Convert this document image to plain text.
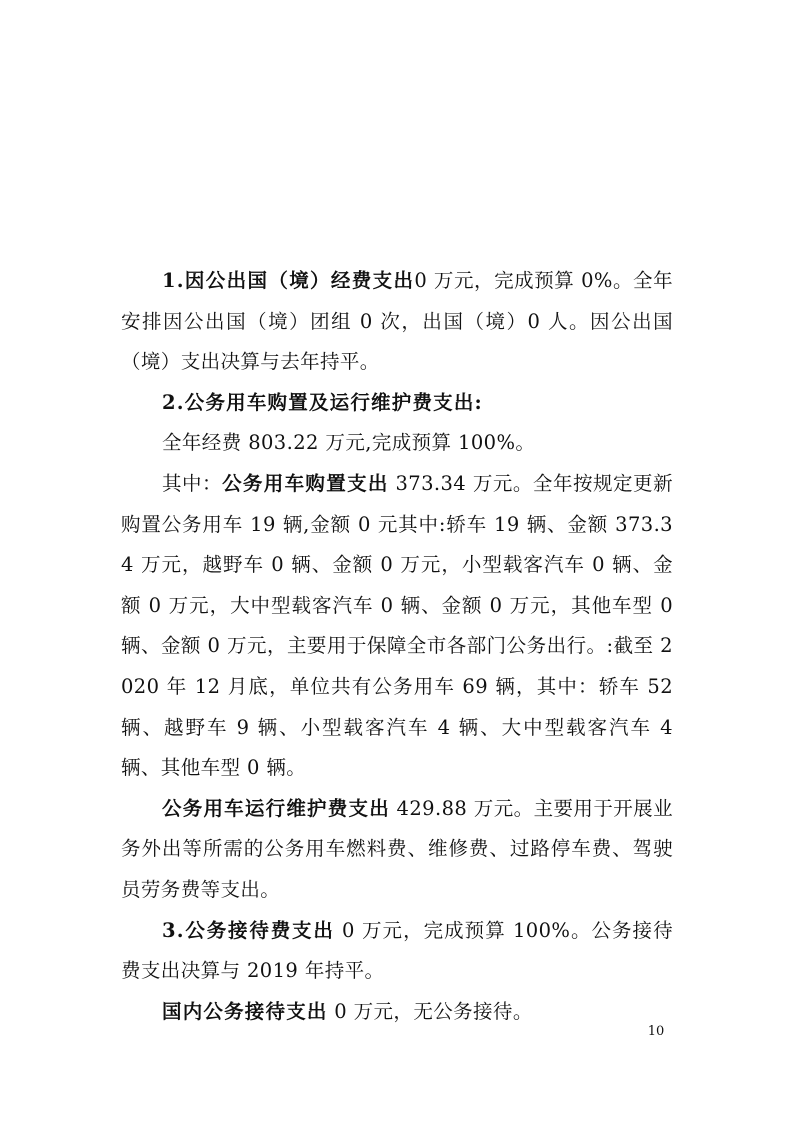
1.因公出国（境）经费支出0 万元，完成预算 0%。全年安排因公出国（境）团组 0 次，出国（境）0 人。因公出国（境）支出决算与去年持平。

2.公务用车购置及运行维护费支出:

全年经费 803.22 万元,完成预算 100%。

其中：公务用车购置支出 373.34 万元。全年按规定更新购置公务用车 19 辆,金额 0 元其中:轿车 19 辆、金额 373.34 万元，越野车 0 辆、金额 0 万元，小型载客汽车 0 辆、金额 0 万元，大中型载客汽车 0 辆、金额 0 万元，其他车型 0 辆、金额 0 万元，主要用于保障全市各部门公务出行。:截至 2020 年 12 月底，单位共有公务用车 69 辆，其中：轿车 52 辆、越野车 9 辆、小型载客汽车 4 辆、大中型载客汽车 4 辆、其他车型 0 辆。

公务用车运行维护费支出 429.88 万元。主要用于开展业务外出等所需的公务用车燃料费、维修费、过路停车费、驾驶员劳务费等支出。

3.公务接待费支出 0 万元，完成预算 100%。公务接待费支出决算与 2019 年持平。

国内公务接待支出 0 万元，无公务接待。

10
